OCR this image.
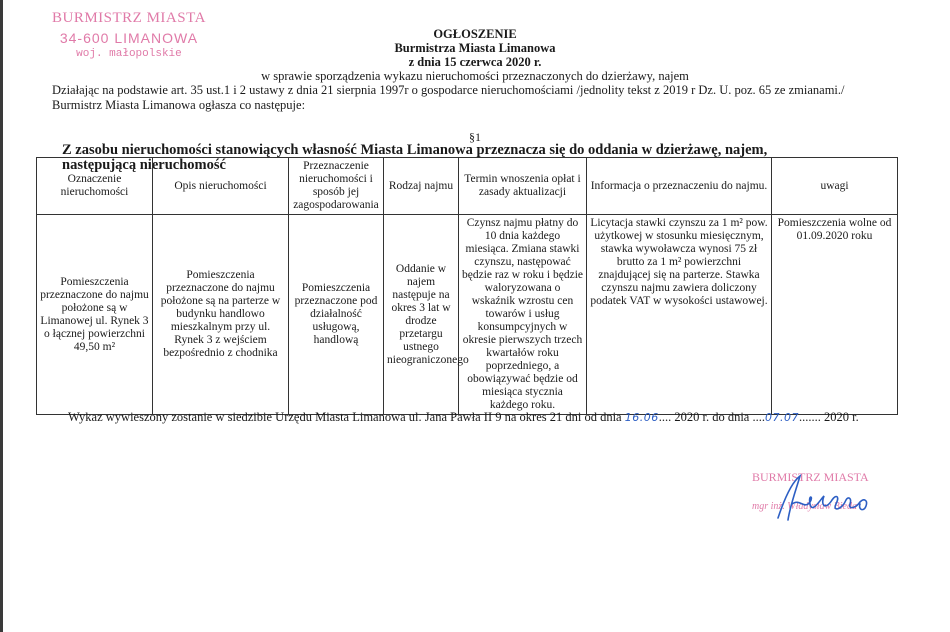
BURMISTRZ MIASTA
34-600 LIMANOWA
woj. małopolskie
OGŁOSZENIE
Burmistrza Miasta Limanowa
z dnia 15 czerwca 2020 r.
w sprawie sporządzenia wykazu nieruchomości przeznaczonych do dzierżawy, najem
Działając na podstawie art. 35 ust.1 i 2 ustawy z dnia 21 sierpnia 1997r o gospodarce nieruchomościami /jednolity tekst z 2019 r Dz. U. poz. 65 ze zmianami./
Burmistrz Miasta Limanowa ogłasza co następuje:
§1
Z zasobu nieruchomości stanowiących własność Miasta Limanowa przeznacza się do oddania w dzierżawę, najem, następującą nieruchomość
Oznaczenie nieruchomości	Opis nieruchomości	Przeznaczenie nieruchomości i sposób jej zagospodarowania	Rodzaj najmu	Termin wnoszenia opłat i zasady aktualizacji	Informacja o przeznaczeniu do najmu.	uwagi
Pomieszczenia przeznaczone do najmu położone są w Limanowej ul. Rynek 3 o łącznej powierzchni 49,50 m²	Pomieszczenia przeznaczone do najmu położone są na parterze w budynku handlowo mieszkalnym przy ul. Rynek 3 z wejściem bezpośrednio z chodnika	Pomieszczenia przeznaczone pod działalność usługową, handlową	Oddanie w najem następuje na okres 3 lat w drodze przetargu ustnego nieograniczonego	Czynsz najmu płatny do 10 dnia każdego miesiąca. Zmiana stawki czynszu, następować będzie raz w roku i będzie waloryzowana o wskaźnik wzrostu cen towarów i usług konsumpcyjnych w okresie pierwszych trzech kwartałów roku poprzedniego, a obowiązywać będzie od miesiąca stycznia każdego roku.	Licytacja stawki czynszu za 1 m² pow. użytkowej w stosunku miesięcznym, stawka wywoławcza wynosi 75 zł brutto za 1 m² powierzchni znajdującej się na parterze. Stawka czynszu najmu zawiera doliczony podatek VAT w wysokości ustawowej.	Pomieszczenia wolne od 01.09.2020 roku
Wykaz wywieszony zostanie w siedzibie Urzędu Miasta Limanowa ul. Jana Pawła II 9 na okres 21 dni od dnia 16.06.... 2020 r. do dnia ....07.07....... 2020 r.
BURMISTRZ MIASTA
mgr inż. Władysław Bieda
